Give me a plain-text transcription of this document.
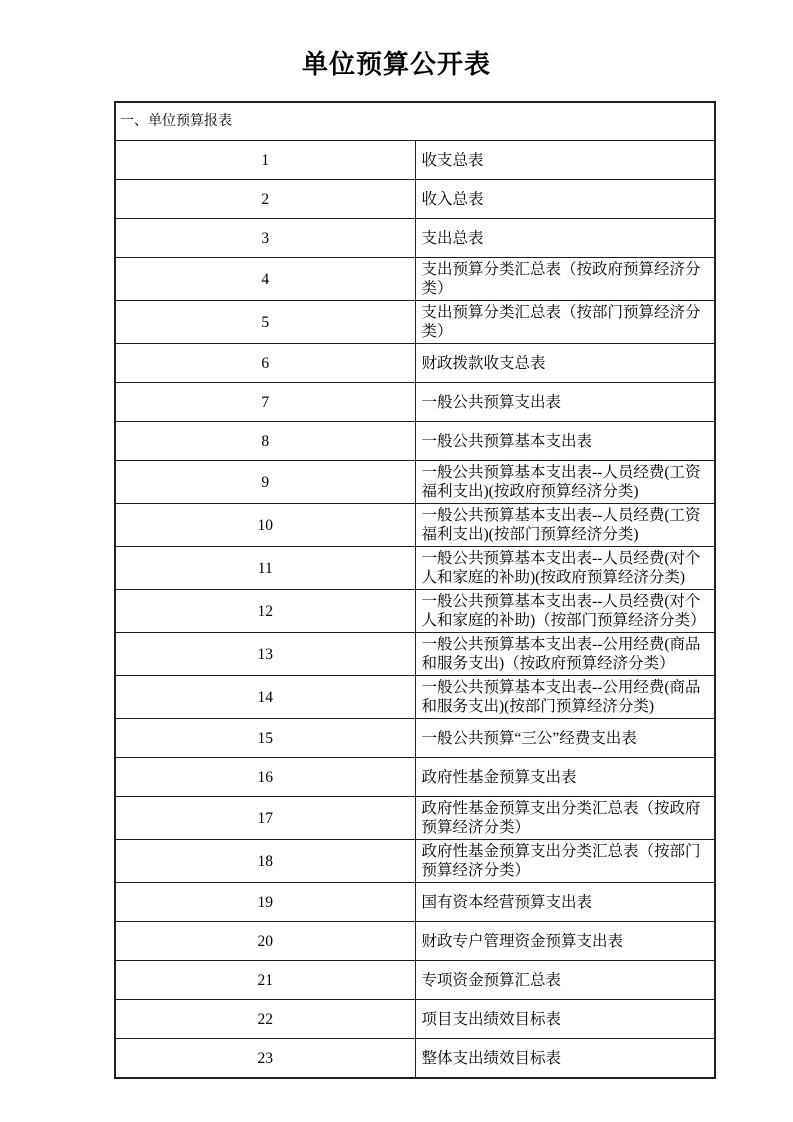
单位预算公开表
一、单位预算报表	
1	收支总表
2	收入总表
3	支出总表
4	支出预算分类汇总表（按政府预算经济分类）
5	支出预算分类汇总表（按部门预算经济分类）
6	财政拨款收支总表
7	一般公共预算支出表
8	一般公共预算基本支出表
9	一般公共预算基本支出表--人员经费(工资福利支出)(按政府预算经济分类)
10	一般公共预算基本支出表--人员经费(工资福利支出)(按部门预算经济分类)
11	一般公共预算基本支出表--人员经费(对个人和家庭的补助)(按政府预算经济分类)
12	一般公共预算基本支出表--人员经费(对个人和家庭的补助)（按部门预算经济分类）
13	一般公共预算基本支出表--公用经费(商品和服务支出)（按政府预算经济分类）
14	一般公共预算基本支出表--公用经费(商品和服务支出)(按部门预算经济分类)
15	一般公共预算“三公”经费支出表
16	政府性基金预算支出表
17	政府性基金预算支出分类汇总表（按政府预算经济分类）
18	政府性基金预算支出分类汇总表（按部门预算经济分类）
19	国有资本经营预算支出表
20	财政专户管理资金预算支出表
21	专项资金预算汇总表
22	项目支出绩效目标表
23	整体支出绩效目标表
